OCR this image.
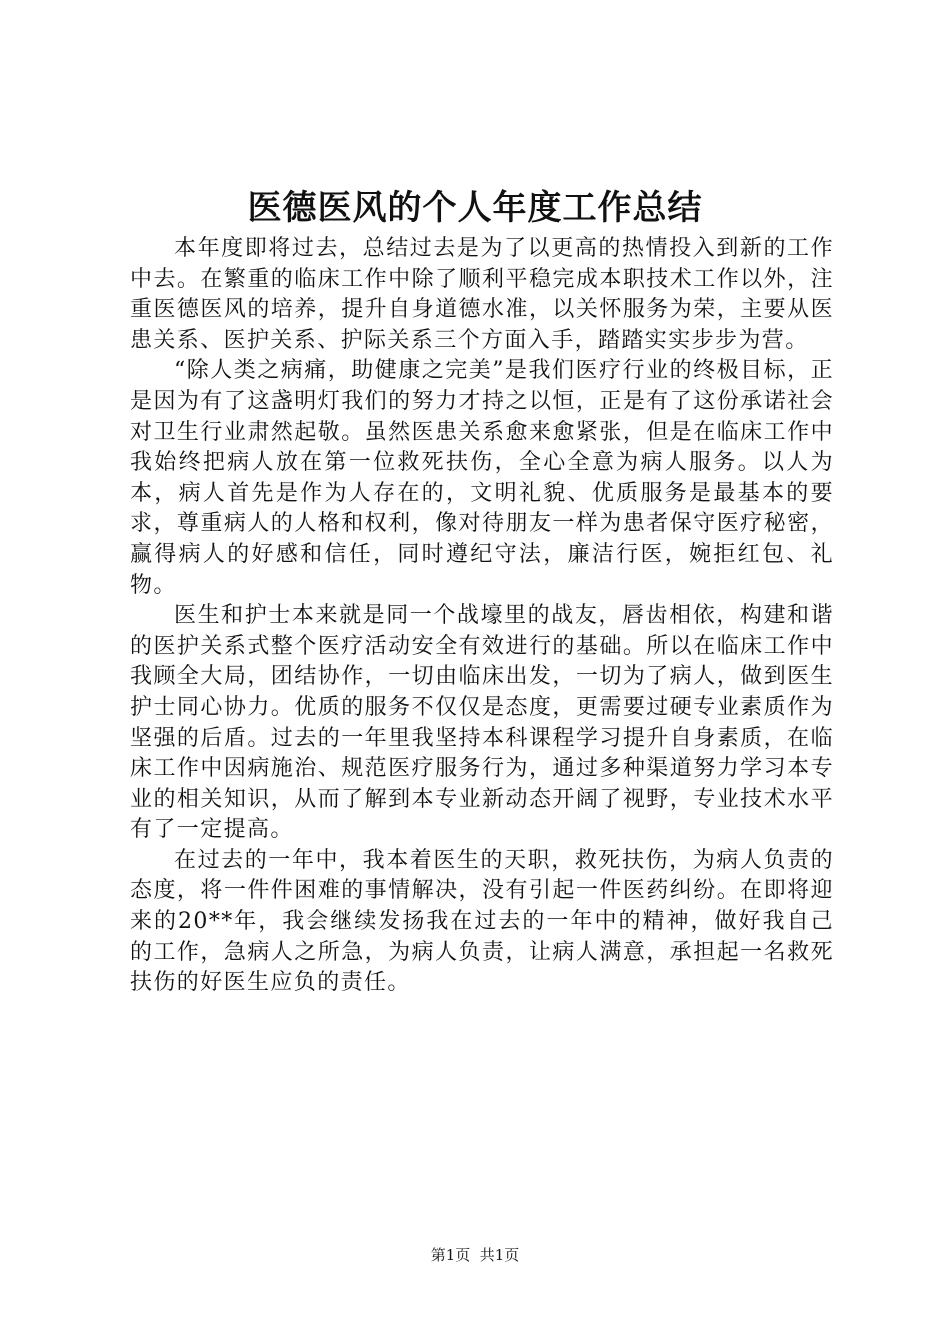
医德医风的个人年度工作总结

本年度即将过去，总结过去是为了以更高的热情投入到新的工作中去。在繁重的临床工作中除了顺利平稳完成本职技术工作以外，注重医德医风的培养，提升自身道德水准，以关怀服务为荣，主要从医患关系、医护关系、护际关系三个方面入手，踏踏实实步步为营。

“除人类之病痛，助健康之完美”是我们医疗行业的终极目标，正是因为有了这盏明灯我们的努力才持之以恒，正是有了这份承诺社会对卫生行业肃然起敬。虽然医患关系愈来愈紧张，但是在临床工作中我始终把病人放在第一位救死扶伤，全心全意为病人服务。以人为本，病人首先是作为人存在的，文明礼貌、优质服务是最基本的要求，尊重病人的人格和权利，像对待朋友一样为患者保守医疗秘密，赢得病人的好感和信任，同时遵纪守法，廉洁行医，婉拒红包、礼物。

医生和护士本来就是同一个战壕里的战友，唇齿相依，构建和谐的医护关系式整个医疗活动安全有效进行的基础。所以在临床工作中我顾全大局，团结协作，一切由临床出发，一切为了病人，做到医生护士同心协力。优质的服务不仅仅是态度，更需要过硬专业素质作为坚强的后盾。过去的一年里我坚持本科课程学习提升自身素质，在临床工作中因病施治、规范医疗服务行为，通过多种渠道努力学习本专业的相关知识，从而了解到本专业新动态开阔了视野，专业技术水平有了一定提高。

在过去的一年中，我本着医生的天职，救死扶伤，为病人负责的态度，将一件件困难的事情解决，没有引起一件医药纠纷。在即将迎来的20**年，我会继续发扬我在过去的一年中的精神，做好我自己的工作，急病人之所急，为病人负责，让病人满意，承担起一名救死扶伤的好医生应负的责任。

第1页  共1页
